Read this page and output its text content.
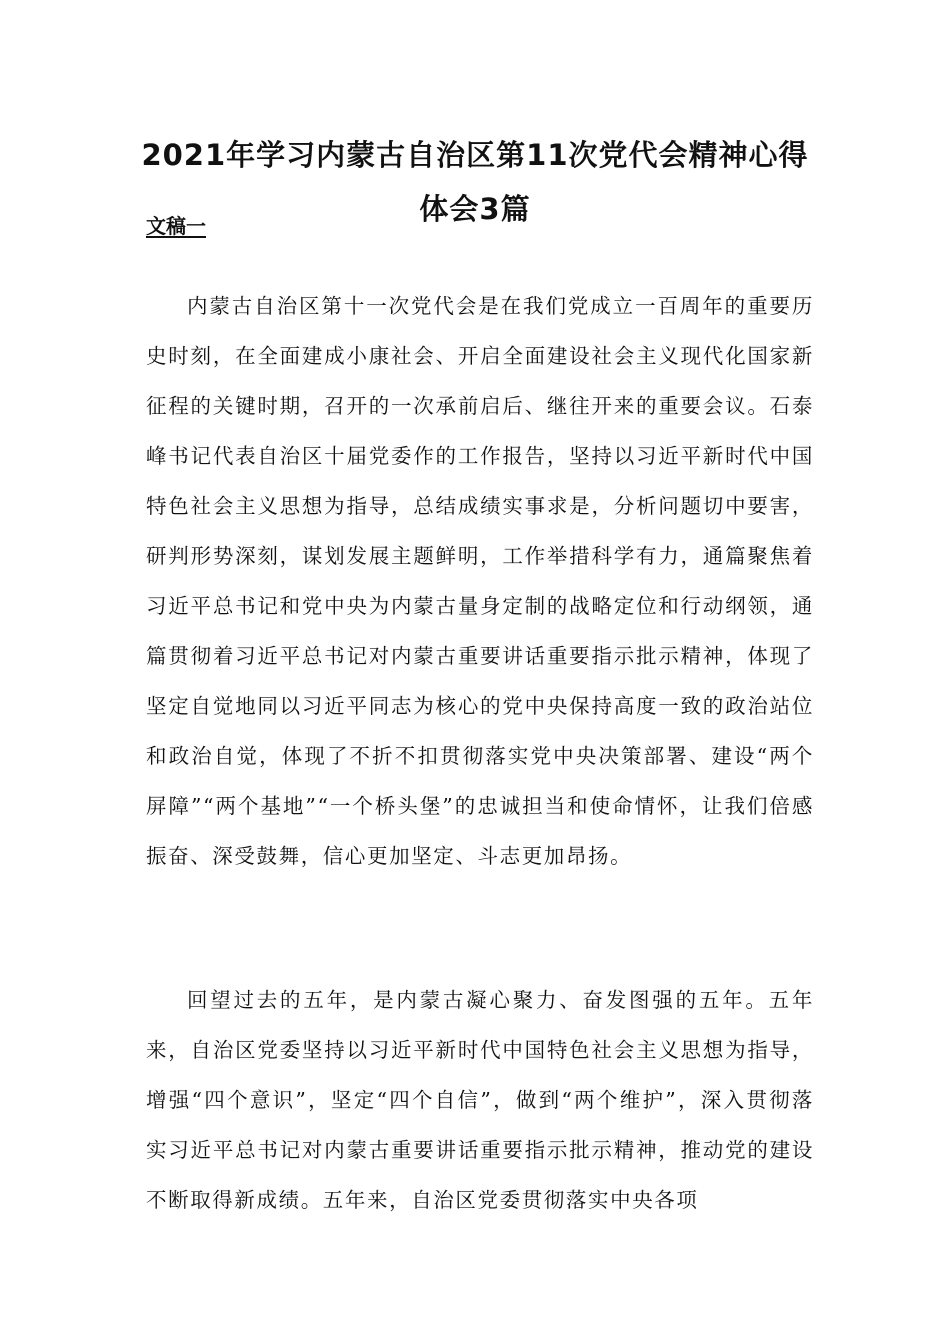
2021年学习内蒙古自治区第11次党代会精神心得体会3篇
文稿一

内蒙古自治区第十一次党代会是在我们党成立一百周年的重要历史时刻，在全面建成小康社会、开启全面建设社会主义现代化国家新征程的关键时期，召开的一次承前启后、继往开来的重要会议。石泰峰书记代表自治区十届党委作的工作报告，坚持以习近平新时代中国特色社会主义思想为指导，总结成绩实事求是，分析问题切中要害，研判形势深刻，谋划发展主题鲜明，工作举措科学有力，通篇聚焦着习近平总书记和党中央为内蒙古量身定制的战略定位和行动纲领，通篇贯彻着习近平总书记对内蒙古重要讲话重要指示批示精神，体现了坚定自觉地同以习近平同志为核心的党中央保持高度一致的政治站位和政治自觉，体现了不折不扣贯彻落实党中央决策部署、建设“两个屏障”“两个基地”“一个桥头堡”的忠诚担当和使命情怀，让我们倍感振奋、深受鼓舞，信心更加坚定、斗志更加昂扬。

回望过去的五年，是内蒙古凝心聚力、奋发图强的五年。五年来，自治区党委坚持以习近平新时代中国特色社会主义思想为指导，增强“四个意识”，坚定“四个自信”，做到“两个维护”，深入贯彻落实习近平总书记对内蒙古重要讲话重要指示批示精神，推动党的建设不断取得新成绩。五年来，自治区党委贯彻落实中央各项
